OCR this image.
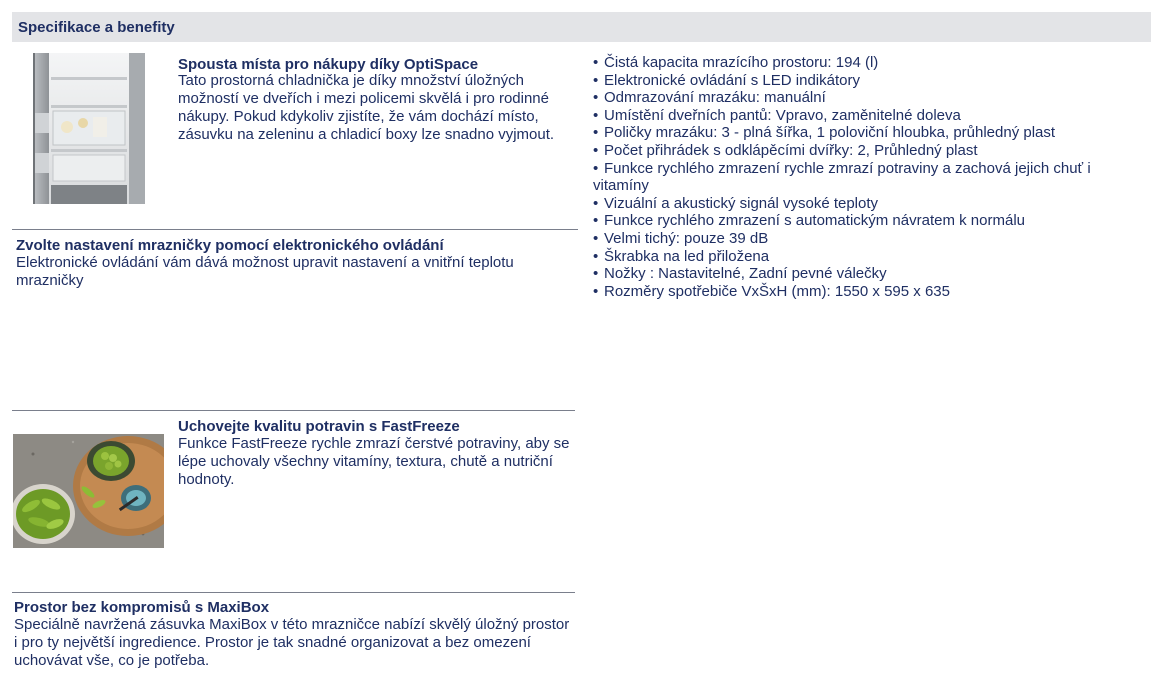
Specifikace a benefity
Spousta místa pro nákupy díky OptiSpace
Tato prostorná chladnička je díky množství úložných možností ve dveřích i mezi policemi skvělá i pro rodinné nákupy. Pokud kdykoliv zjistíte, že vám dochází místo, zásuvku na zeleninu a chladicí boxy lze snadno vyjmout.
Zvolte nastavení mrazničky pomocí elektronického ovládání
Elektronické ovládání vám dává možnost upravit nastavení a vnitřní teplotu mrazničky
Uchovejte kvalitu potravin s FastFreeze
Funkce FastFreeze rychle zmrazí čerstvé potraviny, aby se lépe uchovaly všechny vitamíny, textura, chutě a nutriční hodnoty.
Prostor bez kompromisů s MaxiBox
Speciálně navržená zásuvka MaxiBox v této mrazničce nabízí skvělý úložný prostor i pro ty největší ingredience. Prostor je tak snadné organizovat a bez omezení uchovávat vše, co je potřeba.
• Čistá kapacita mrazícího prostoru: 194 (l)
• Elektronické ovládání s LED indikátory
• Odmrazování mrazáku: manuální
• Umístění dveřních pantů: Vpravo, zaměnitelné doleva
• Poličky mrazáku: 3 - plná šířka, 1 poloviční hloubka, průhledný plast
• Počet přihrádek s odklápěcími dvířky: 2, Průhledný plast
• Funkce rychlého zmrazení rychle zmrazí potraviny a zachová jejich chuť i vitamíny
• Vizuální a akustický signál vysoké teploty
• Funkce rychlého zmrazení s automatickým návratem k normálu
• Velmi tichý: pouze 39 dB
• Škrabka na led přiložena
• Nožky : Nastavitelné, Zadní pevné válečky
• Rozměry spotřebiče VxŠxH (mm): 1550 x 595 x 635
